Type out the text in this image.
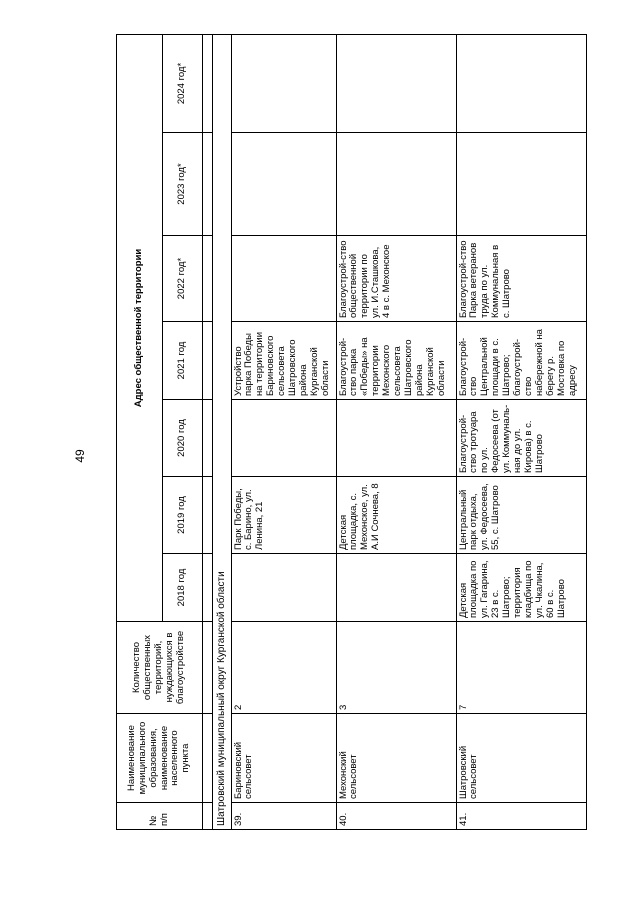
49
№ п/п	Наименование муниципального образования, наименование населенного пункта	Количество общественных территорий, нуждающихся в благоустройстве	Адрес общественной территории						
			2018 год	2019 год	2020 год	2021 год	2022 год*	2023 год*	2024 год*

Шатровский муниципальный округ Курганской области									
39.	Бариновский сельсовет	2		Парк Победы, с. Барино, ул. Ленина, 21		Устройство парка Победы на территории Бариновского сельсовета Шатровского района Курганской области			
40.	Мехонский сельсовет	3		Детская площадка, с. Мехонское, ул. А.И Сочнева, 8		Благоустрой-ство парка «Победы» на территории Мехонского сельсовета Шатровского района Курганской области	Благоустрой-ство общественной территории по ул. И.Сташкова, 4 в с. Мехонское		
41.	Шатровский сельсовет	7	Детская площадка по ул. Гагарина, 23 в с. Шатрово; территория кладбища по ул. Чкалина, 60 в с. Шатрово	Центральный парк отдыха, ул. Федосеева, 55, с. Шатрово	Благоустрой-ство тротуара по ул. Федосеева (от ул. Коммуналь-ная до ул. Кирова) в с. Шатрово	Благоустрой-ство Центральной площади в с. Шатрово; благоустрой-ство набережной на берегу р. Мостовка по адресу	Благоустрой-ство Парка ветеранов труда по ул. Коммунальная в с. Шатрово		
